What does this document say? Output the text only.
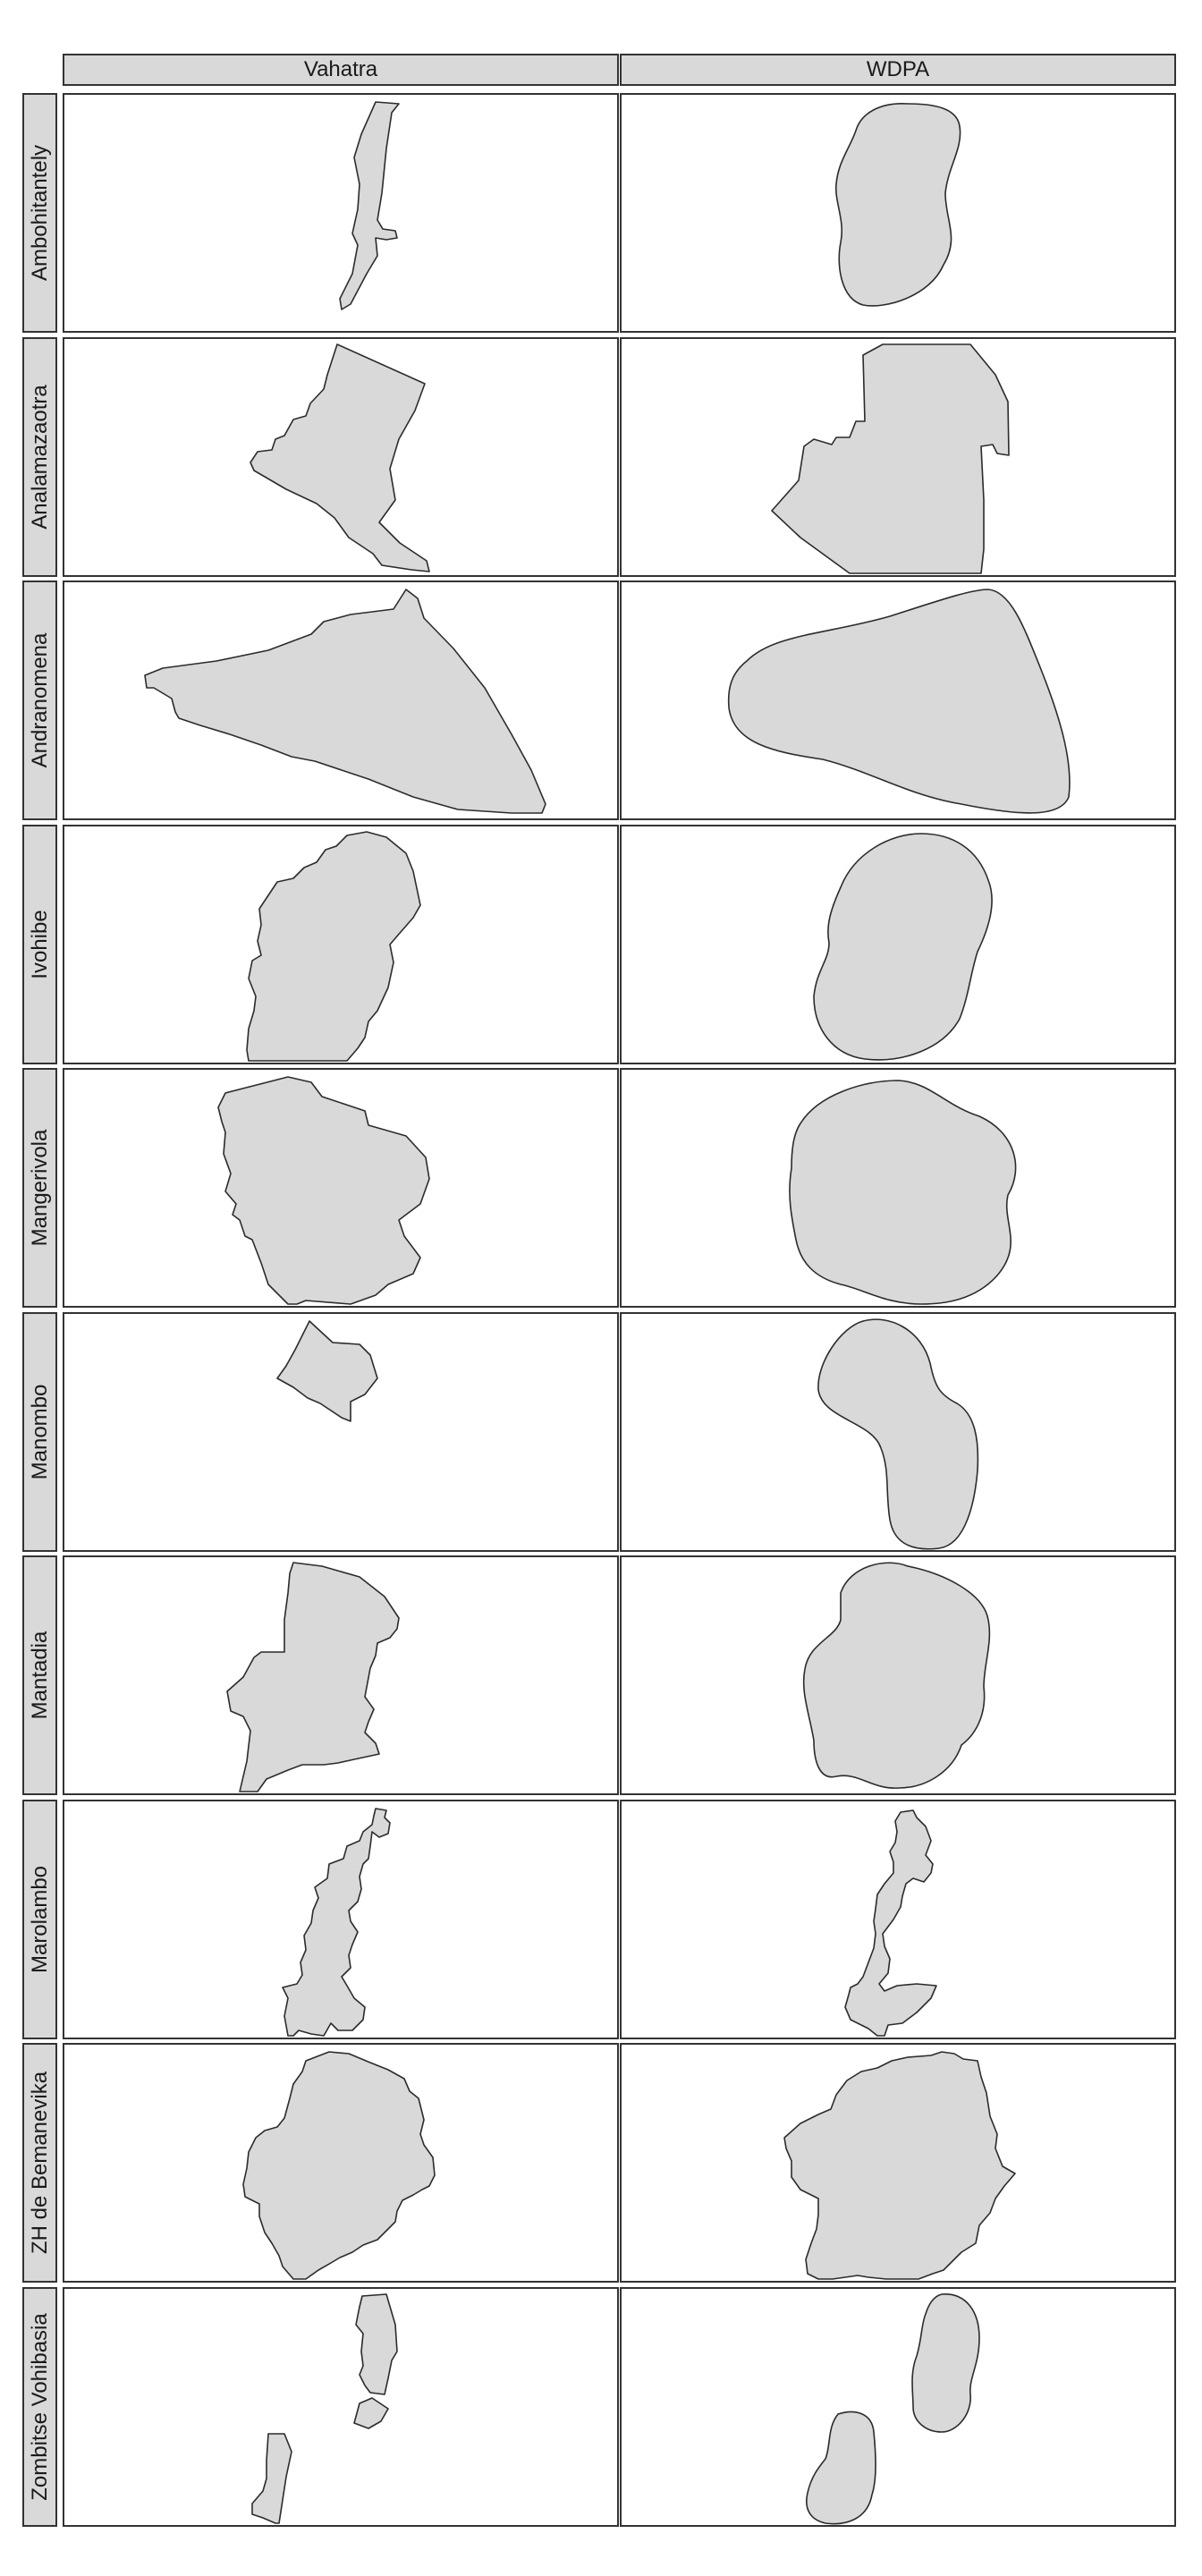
Vahatra	WDPA
Ambohitantely
Analamazaotra
Andranomena
Ivohibe
Mangerivola
Manombo
Mantadia
Marolambo
ZH de Bemanevika
Zombitse Vohibasia
